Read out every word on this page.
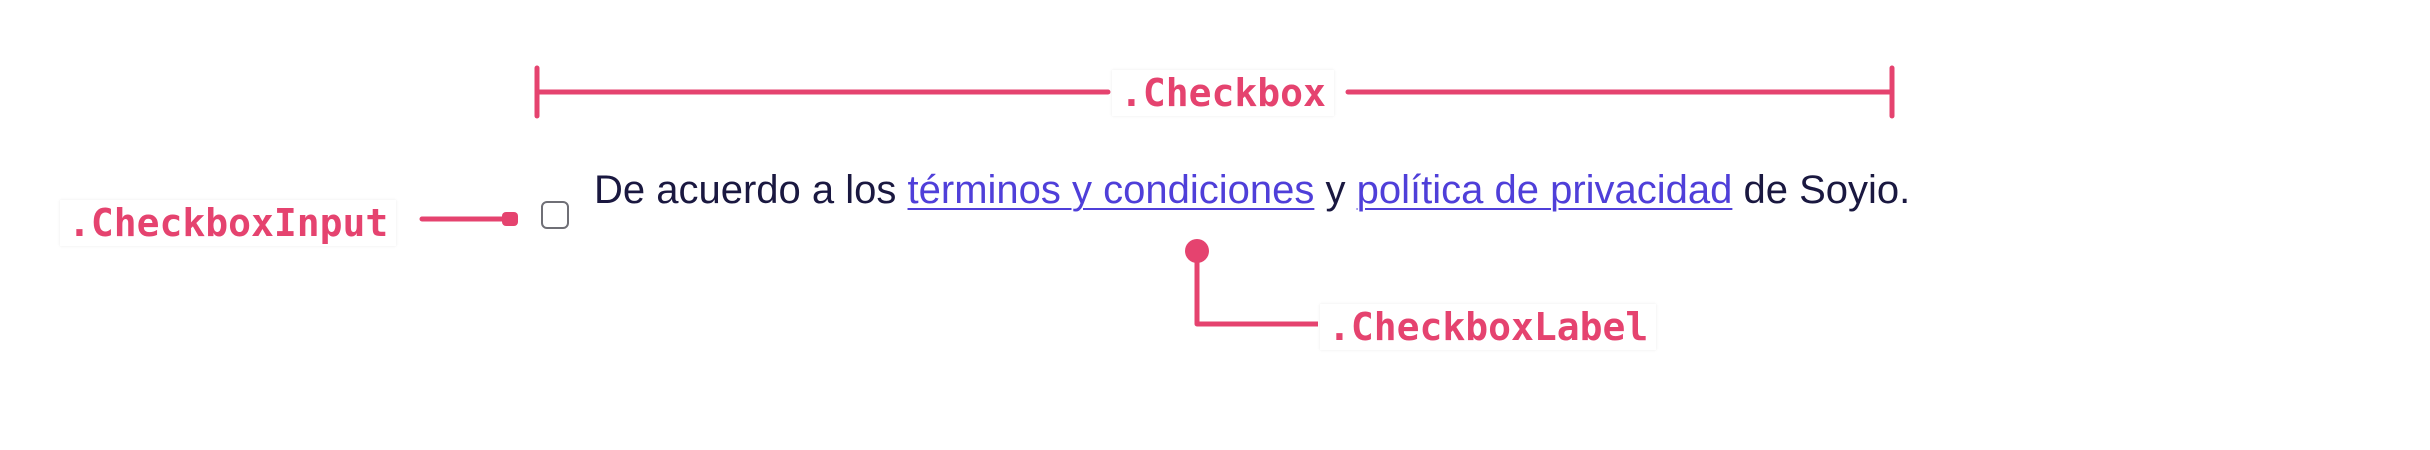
.Checkbox
.CheckboxInput
.CheckboxLabel
De acuerdo a los términos y condiciones y política de privacidad de Soyio.
